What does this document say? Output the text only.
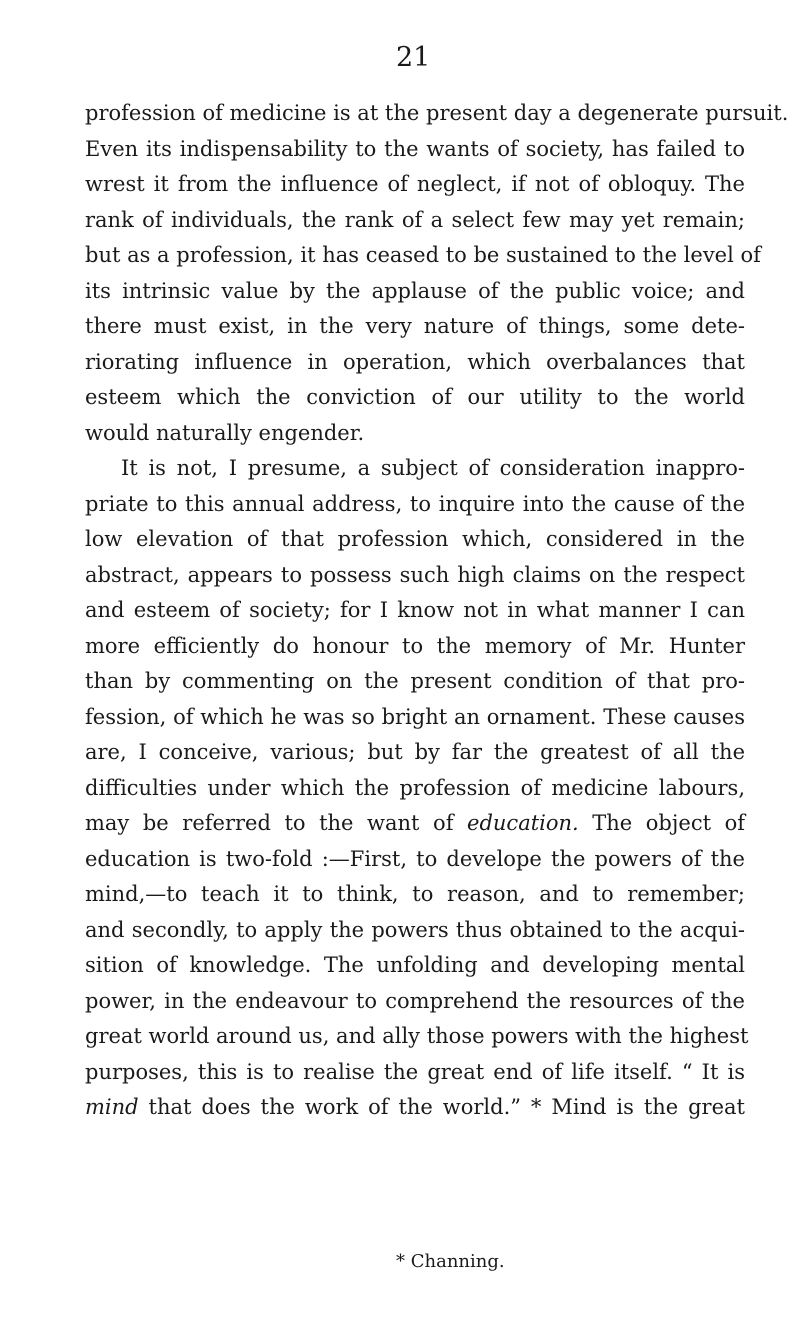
21
profession of medicine is at the present day a degenerate pursuit.
Even its indispensability to the wants of society, has failed to
wrest it from the influence of neglect, if not of obloquy. The
rank of individuals, the rank of a select few may yet remain;
but as a profession, it has ceased to be sustained to the level of
its intrinsic value by the applause of the public voice; and
there must exist, in the very nature of things, some dete-
riorating influence in operation, which overbalances that
esteem which the conviction of our utility to the world
would naturally engender.
It is not, I presume, a subject of consideration inappro-
priate to this annual address, to inquire into the cause of the
low elevation of that profession which, considered in the
abstract, appears to possess such high claims on the respect
and esteem of society; for I know not in what manner I can
more efficiently do honour to the memory of Mr. Hunter
than by commenting on the present condition of that pro-
fession, of which he was so bright an ornament. These causes
are, I conceive, various; but by far the greatest of all the
difficulties under which the profession of medicine labours,
may be referred to the want of education. The object of
education is two-fold :—First, to develope the powers of the
mind,—to teach it to think, to reason, and to remember;
and secondly, to apply the powers thus obtained to the acqui-
sition of knowledge. The unfolding and developing mental
power, in the endeavour to comprehend the resources of the
great world around us, and ally those powers with the highest
purposes, this is to realise the great end of life itself. “ It is
mind that does the work of the world.” * Mind is the great
* Channing.
